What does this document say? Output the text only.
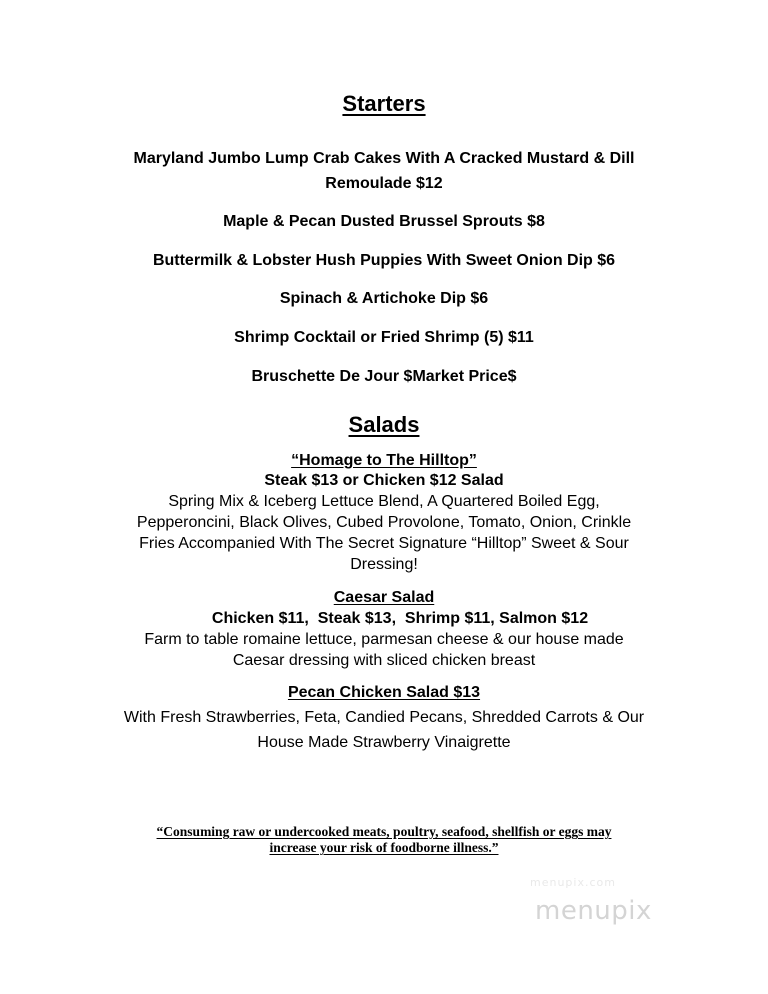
Starters
Maryland Jumbo Lump Crab Cakes With A Cracked Mustard & Dill
Remoulade $12
Maple & Pecan Dusted Brussel Sprouts $8
Buttermilk & Lobster Hush Puppies With Sweet Onion Dip $6
Spinach & Artichoke Dip $6
Shrimp Cocktail or Fried Shrimp (5) $11
Bruschette De Jour $Market Price$
Salads
“Homage to The Hilltop”
Steak $13 or Chicken $12 Salad
Spring Mix & Iceberg Lettuce Blend, A Quartered Boiled Egg,
Pepperoncini, Black Olives, Cubed Provolone, Tomato, Onion, Crinkle
Fries Accompanied With The Secret Signature “Hilltop” Sweet & Sour
Dressing!
Caesar Salad
Chicken $11,  Steak $13,  Shrimp $11, Salmon $12
Farm to table romaine lettuce, parmesan cheese & our house made
Caesar dressing with sliced chicken breast
Pecan Chicken Salad $13
With Fresh Strawberries, Feta, Candied Pecans, Shredded Carrots & Our
House Made Strawberry Vinaigrette
“Consuming raw or undercooked meats, poultry, seafood, shellfish or eggs may
increase your risk of foodborne illness.”
menupix.com
menupix
